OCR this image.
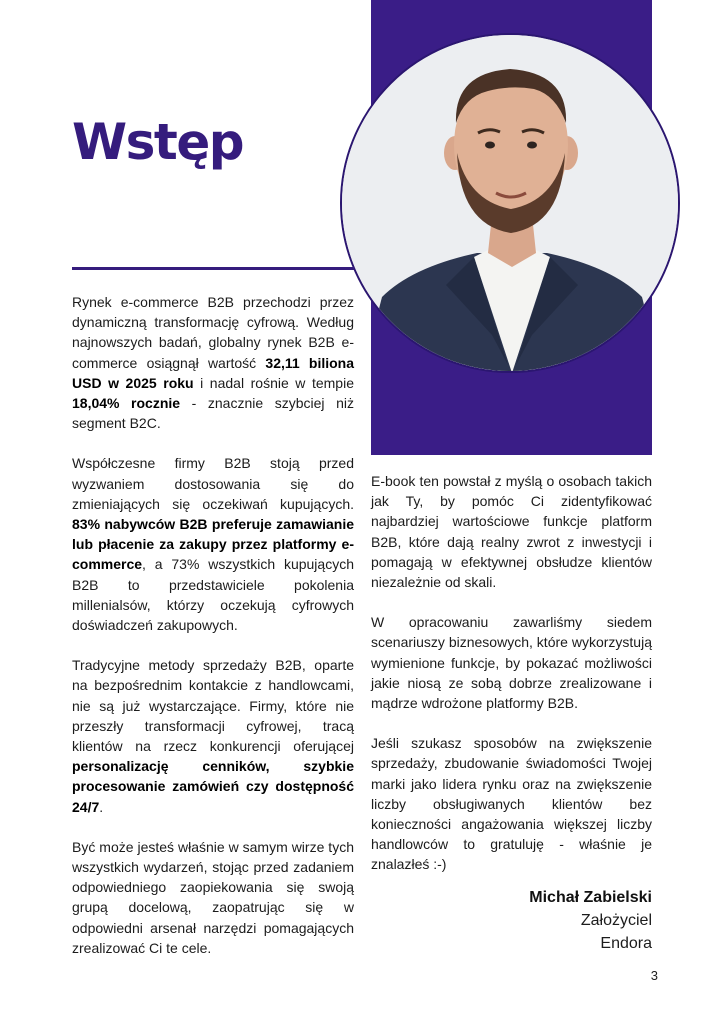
Wstęp

Rynek e-commerce B2B przechodzi przez dynamiczną transformację cyfrową. Według najnowszych badań, globalny rynek B2B e-commerce osiągnął wartość 32,11 biliona USD w 2025 roku i nadal rośnie w tempie 18,04% rocznie - znacznie szybciej niż segment B2C.

Współczesne firmy B2B stoją przed wyzwaniem dostosowania się do zmieniających się oczekiwań kupujących. 83% nabywców B2B preferuje zamawianie lub płacenie za zakupy przez platformy e-commerce, a 73% wszystkich kupujących B2B to przedstawiciele pokolenia millenialsów, którzy oczekują cyfrowych doświadczeń zakupowych.

Tradycyjne metody sprzedaży B2B, oparte na bezpośrednim kontakcie z handlowcami, nie są już wystarczające. Firmy, które nie przeszły transformacji cyfrowej, tracą klientów na rzecz konkurencji oferującej personalizację cenników, szybkie procesowanie zamówień czy dostępność 24/7.

Być może jesteś właśnie w samym wirze tych wszystkich wydarzeń, stojąc przed zadaniem odpowiedniego zaopiekowania się swoją grupą docelową, zaopatrując się w odpowiedni arsenał narzędzi pomagających zrealizować Ci te cele.

E-book ten powstał z myślą o osobach takich jak Ty, by pomóc Ci zidentyfikować najbardziej wartościowe funkcje platform B2B, które dają realny zwrot z inwestycji i pomagają w efektywnej obsłudze klientów niezależnie od skali.

W opracowaniu zawarliśmy siedem scenariuszy biznesowych, które wykorzystują wymienione funkcje, by pokazać możliwości jakie niosą ze sobą dobrze zrealizowane i mądrze wdrożone platformy B2B.

Jeśli szukasz sposobów na zwiększenie sprzedaży, zbudowanie świadomości Twojej marki jako lidera rynku oraz na zwiększenie liczby obsługiwanych klientów bez konieczności angażowania większej liczby handlowców to gratuluję - właśnie je znalazłeś :-)

Michał Zabielski
Założyciel
Endora
3
